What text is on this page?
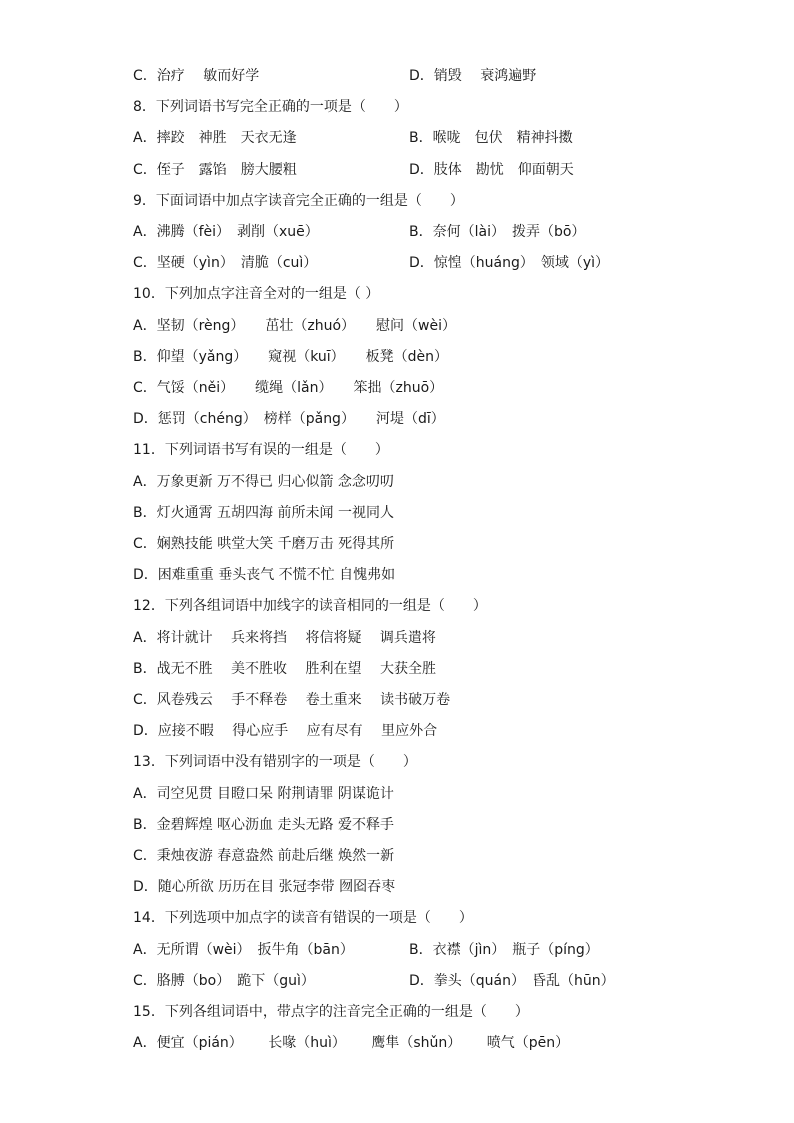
C．治疗　 敏而好学	D．销毁　 衰鸿遍野
8．下列词语书写完全正确的一项是（　　）
A．摔跤　神胜　天衣无逢	B．喉咙　包伏　精神抖擞
C．侄子　露馅　膀大腰粗	D．肢体　勘忧　仰面朝天
9．下面词语中加点字读音完全正确的一组是（　　）
A．沸腾（fèi）　剥削（xuē）	B．奈何（lài）　拨弄（bō）
C．坚硬（yìn）　清脆（cuì）	D．惊惶（huáng）　领域（yì）
10．下列加点字注音全对的一组是（ ）
A．坚韧（rèng）　　茁壮（zhuó）　　慰问（wèi）
B．仰望（yǎng）　　窥视（kuī）　　板凳（dèn）
C．气馁（něi）　　缆绳（lǎn）　　笨拙（zhuō）
D．惩罚（chéng）　榜样（pǎng）　　河堤（dī）
11．下列词语书写有误的一组是（　　）
A．万象更新 万不得已 归心似箭 念念叨叨
B．灯火通霄 五胡四海 前所未闻 一视同人
C．娴熟技能 哄堂大笑 千磨万击 死得其所
D．困难重重 垂头丧气 不慌不忙 自愧弗如
12．下列各组词语中加线字的读音相同的一组是（　　）
A．将计就计　 兵来将挡　 将信将疑　 调兵遣将
B．战无不胜　 美不胜收　 胜利在望　 大获全胜
C．风卷残云　 手不释卷　 卷土重来　 读书破万卷
D．应接不暇　 得心应手　 应有尽有　 里应外合
13．下列词语中没有错别字的一项是（　　）
A．司空见贯 目瞪口呆 附荆请罪 阴谋诡计
B．金碧辉煌 呕心沥血 走头无路 爱不释手
C．秉烛夜游 春意盎然 前赴后继 焕然一新
D．随心所欲 历历在目 张冠李带 囫囵吞枣
14．下列选项中加点字的读音有错误的一项是（　　）
A．无所谓（wèi）　扳牛角（bān）	B．衣襟（jìn）　瓶子（píng）
C．胳膊（bo）　跪下（guì）	D．拳头（quán）　昏乱（hūn）
15．下列各组词语中，带点字的注音完全正确的一组是（　　）
A．便宜（pián）　　 长喙（huì）　　 鹰隼（shǔn）　　 喷气（pēn）
